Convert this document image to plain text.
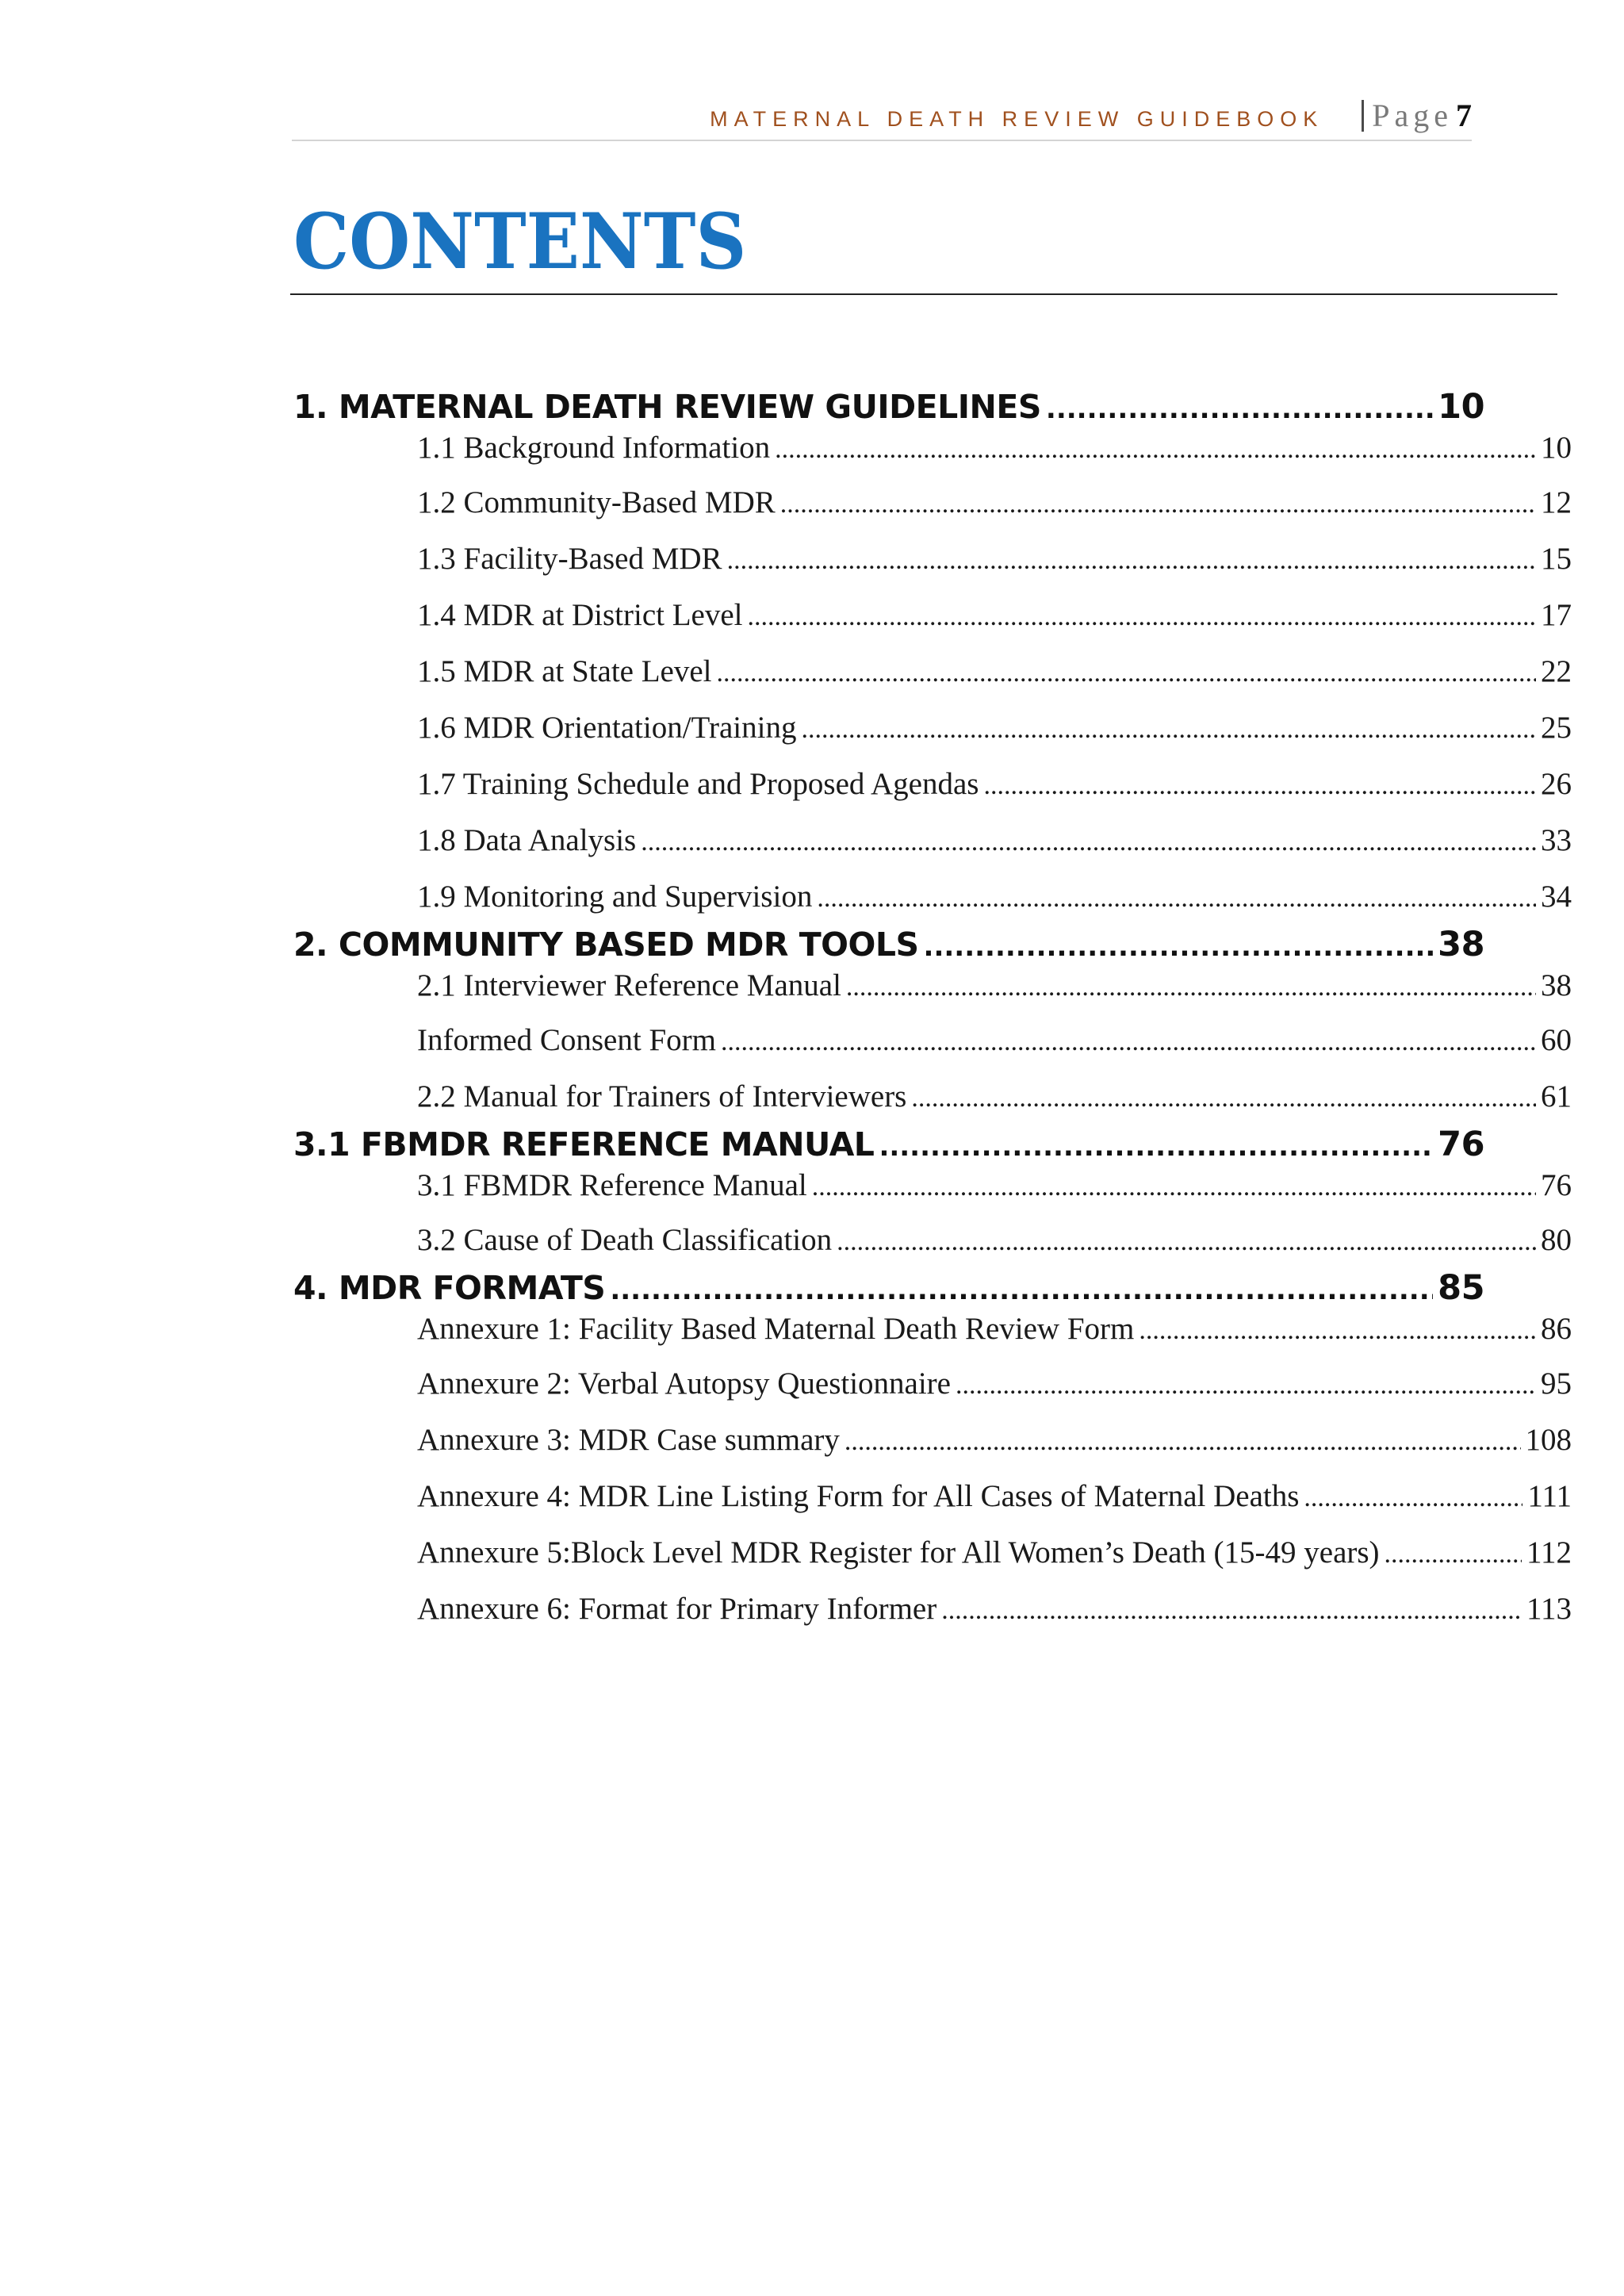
MATERNAL DEATH REVIEW GUIDEBOOK	Page 7
CONTENTS
1. MATERNAL DEATH REVIEW GUIDELINES .....	10
1.1 Background Information .....	10
1.2 Community-Based MDR .....	12
1.3 Facility-Based MDR .....	15
1.4 MDR at District Level .....	17
1.5 MDR at State Level .....	22
1.6 MDR Orientation/Training .....	25
1.7 Training Schedule and Proposed Agendas .....	26
1.8 Data Analysis .....	33
1.9 Monitoring and Supervision .....	34
2. COMMUNITY BASED MDR TOOLS .....	38
2.1 Interviewer Reference Manual .....	38
Informed Consent Form .....	60
2.2 Manual for Trainers of Interviewers .....	61
3.1 FBMDR REFERENCE MANUAL .....	76
3.1 FBMDR Reference Manual .....	76
3.2 Cause of Death Classification .....	80
4. MDR FORMATS .....	85
Annexure 1: Facility Based Maternal Death Review Form .....	86
Annexure 2: Verbal Autopsy Questionnaire .....	95
Annexure 3: MDR Case summary .....	108
Annexure 4: MDR Line Listing Form for All Cases of Maternal Deaths .....	111
Annexure 5:Block Level MDR Register for All Women’s Death (15-49 years) .....	112
Annexure 6: Format for Primary Informer .....	113
